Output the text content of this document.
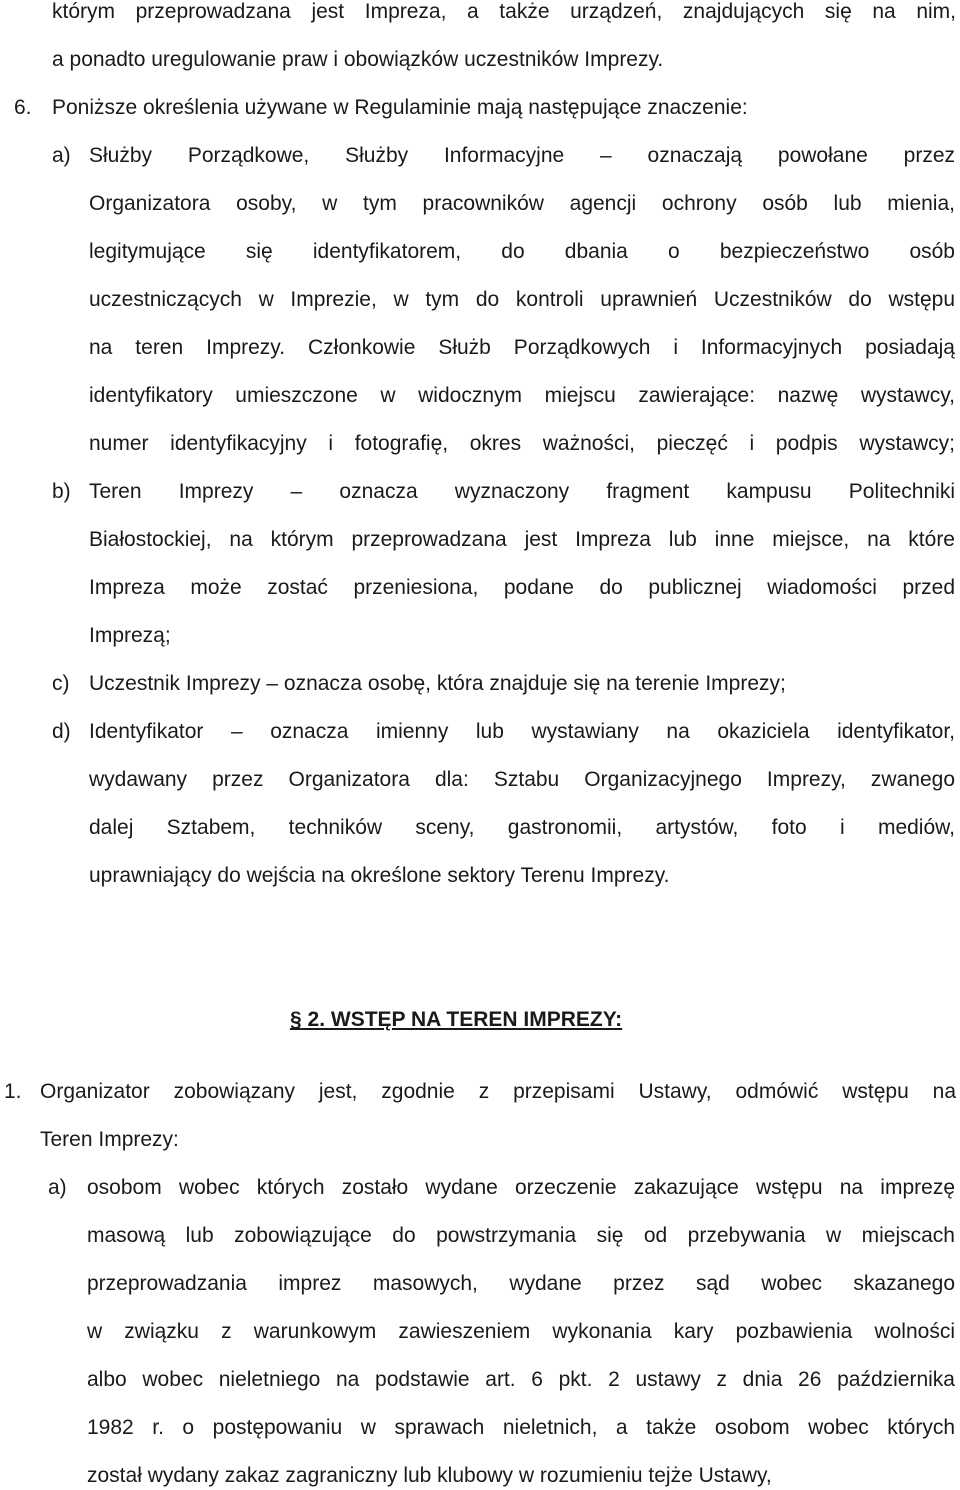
którym przeprowadzana jest Impreza, a także urządzeń, znajdujących się na nim,
a ponadto uregulowanie praw i obowiązków uczestników Imprezy.
6. Poniższe określenia używane w Regulaminie mają następujące znaczenie:
a) Służby Porządkowe, Służby Informacyjne – oznaczają powołane przez
Organizatora osoby, w tym pracowników agencji ochrony osób lub mienia,
legitymujące się identyfikatorem, do dbania o bezpieczeństwo osób
uczestniczących w Imprezie, w tym do kontroli uprawnień Uczestników do wstępu
na teren Imprezy. Członkowie Służb Porządkowych i Informacyjnych posiadają
identyfikatory umieszczone w widocznym miejscu zawierające: nazwę wystawcy,
numer identyfikacyjny i fotografię, okres ważności, pieczęć i podpis wystawcy;
b) Teren Imprezy – oznacza wyznaczony fragment kampusu Politechniki
Białostockiej, na którym przeprowadzana jest Impreza lub inne miejsce, na które
Impreza może zostać przeniesiona, podane do publicznej wiadomości przed
Imprezą;
c) Uczestnik Imprezy – oznacza osobę, która znajduje się na terenie Imprezy;
d) Identyfikator – oznacza imienny lub wystawiany na okaziciela identyfikator,
wydawany przez Organizatora dla: Sztabu Organizacyjnego Imprezy, zwanego
dalej Sztabem, techników sceny, gastronomii, artystów, foto i mediów,
uprawniający do wejścia na określone sektory Terenu Imprezy.
§ 2. WSTĘP NA TEREN IMPREZY:
1. Organizator zobowiązany jest, zgodnie z przepisami Ustawy, odmówić wstępu na
Teren Imprezy:
a) osobom wobec których zostało wydane orzeczenie zakazujące wstępu na imprezę
masową lub zobowiązujące do powstrzymania się od przebywania w miejscach
przeprowadzania imprez masowych, wydane przez sąd wobec skazanego
w związku z warunkowym zawieszeniem wykonania kary pozbawienia wolności
albo wobec nieletniego na podstawie art. 6 pkt. 2 ustawy z dnia 26 października
1982 r. o postępowaniu w sprawach nieletnich, a także osobom wobec których
został wydany zakaz zagraniczny lub klubowy w rozumieniu tejże Ustawy,
